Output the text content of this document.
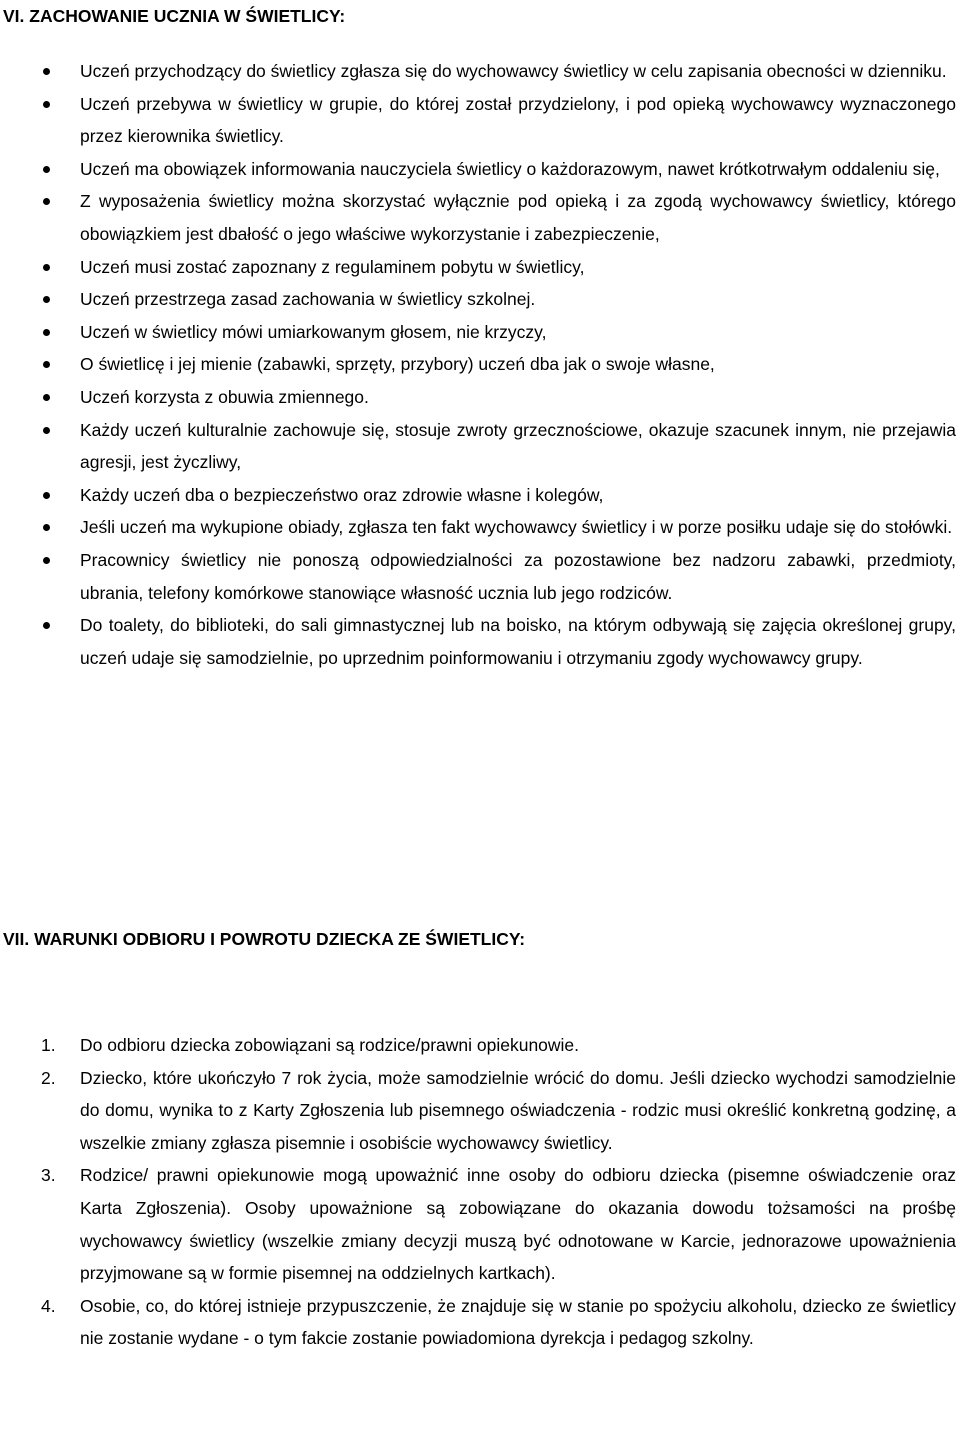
VI. ZACHOWANIE UCZNIA W ŚWIETLICY:
Uczeń przychodzący do świetlicy zgłasza się do wychowawcy świetlicy w celu zapisania obecności w dzienniku.
Uczeń przebywa w świetlicy w grupie, do której został przydzielony, i pod opieką wychowawcy wyznaczonego przez kierownika świetlicy.
Uczeń ma obowiązek informowania nauczyciela świetlicy o każdorazowym, nawet krótkotrwałym oddaleniu się,
Z wyposażenia świetlicy można skorzystać wyłącznie pod opieką i za zgodą wychowawcy świetlicy, którego obowiązkiem jest dbałość o jego właściwe wykorzystanie i zabezpieczenie,
Uczeń musi zostać zapoznany z regulaminem pobytu w świetlicy,
Uczeń przestrzega zasad zachowania w świetlicy szkolnej.
Uczeń w świetlicy mówi umiarkowanym głosem, nie krzyczy,
O świetlicę i jej mienie (zabawki, sprzęty, przybory) uczeń dba jak o swoje własne,
Uczeń korzysta z obuwia zmiennego.
Każdy uczeń kulturalnie zachowuje się, stosuje zwroty grzecznościowe, okazuje szacunek innym, nie przejawia agresji, jest życzliwy,
Każdy uczeń dba o bezpieczeństwo oraz zdrowie własne i kolegów,
Jeśli uczeń ma wykupione obiady, zgłasza ten fakt wychowawcy świetlicy i w porze posiłku udaje się do stołówki.
Pracownicy świetlicy nie ponoszą odpowiedzialności za pozostawione bez nadzoru zabawki, przedmioty, ubrania, telefony komórkowe stanowiące własność ucznia lub jego rodziców.
Do toalety, do biblioteki, do sali gimnastycznej lub na boisko, na którym odbywają się zajęcia określonej grupy, uczeń udaje się samodzielnie, po uprzednim poinformowaniu i otrzymaniu zgody wychowawcy grupy.
VII. WARUNKI ODBIORU I POWROTU DZIECKA ZE ŚWIETLICY:
1. Do odbioru dziecka zobowiązani są rodzice/prawni opiekunowie.
2. Dziecko, które ukończyło 7 rok życia, może samodzielnie wrócić do domu. Jeśli dziecko wychodzi samodzielnie do domu, wynika to z Karty Zgłoszenia lub pisemnego oświadczenia - rodzic musi określić konkretną godzinę, a wszelkie zmiany zgłasza pisemnie i osobiście wychowawcy świetlicy.
3. Rodzice/ prawni opiekunowie mogą upoważnić inne osoby do odbioru dziecka (pisemne oświadczenie oraz Karta Zgłoszenia). Osoby upoważnione są zobowiązane do okazania dowodu tożsamości na prośbę wychowawcy świetlicy (wszelkie zmiany decyzji muszą być odnotowane w Karcie, jednorazowe upoważnienia przyjmowane są w formie pisemnej na oddzielnych kartkach).
4. Osobie, co, do której istnieje przypuszczenie, że znajduje się w stanie po spożyciu alkoholu, dziecko ze świetlicy nie zostanie wydane - o tym fakcie zostanie powiadomiona dyrekcja i pedagog szkolny.
